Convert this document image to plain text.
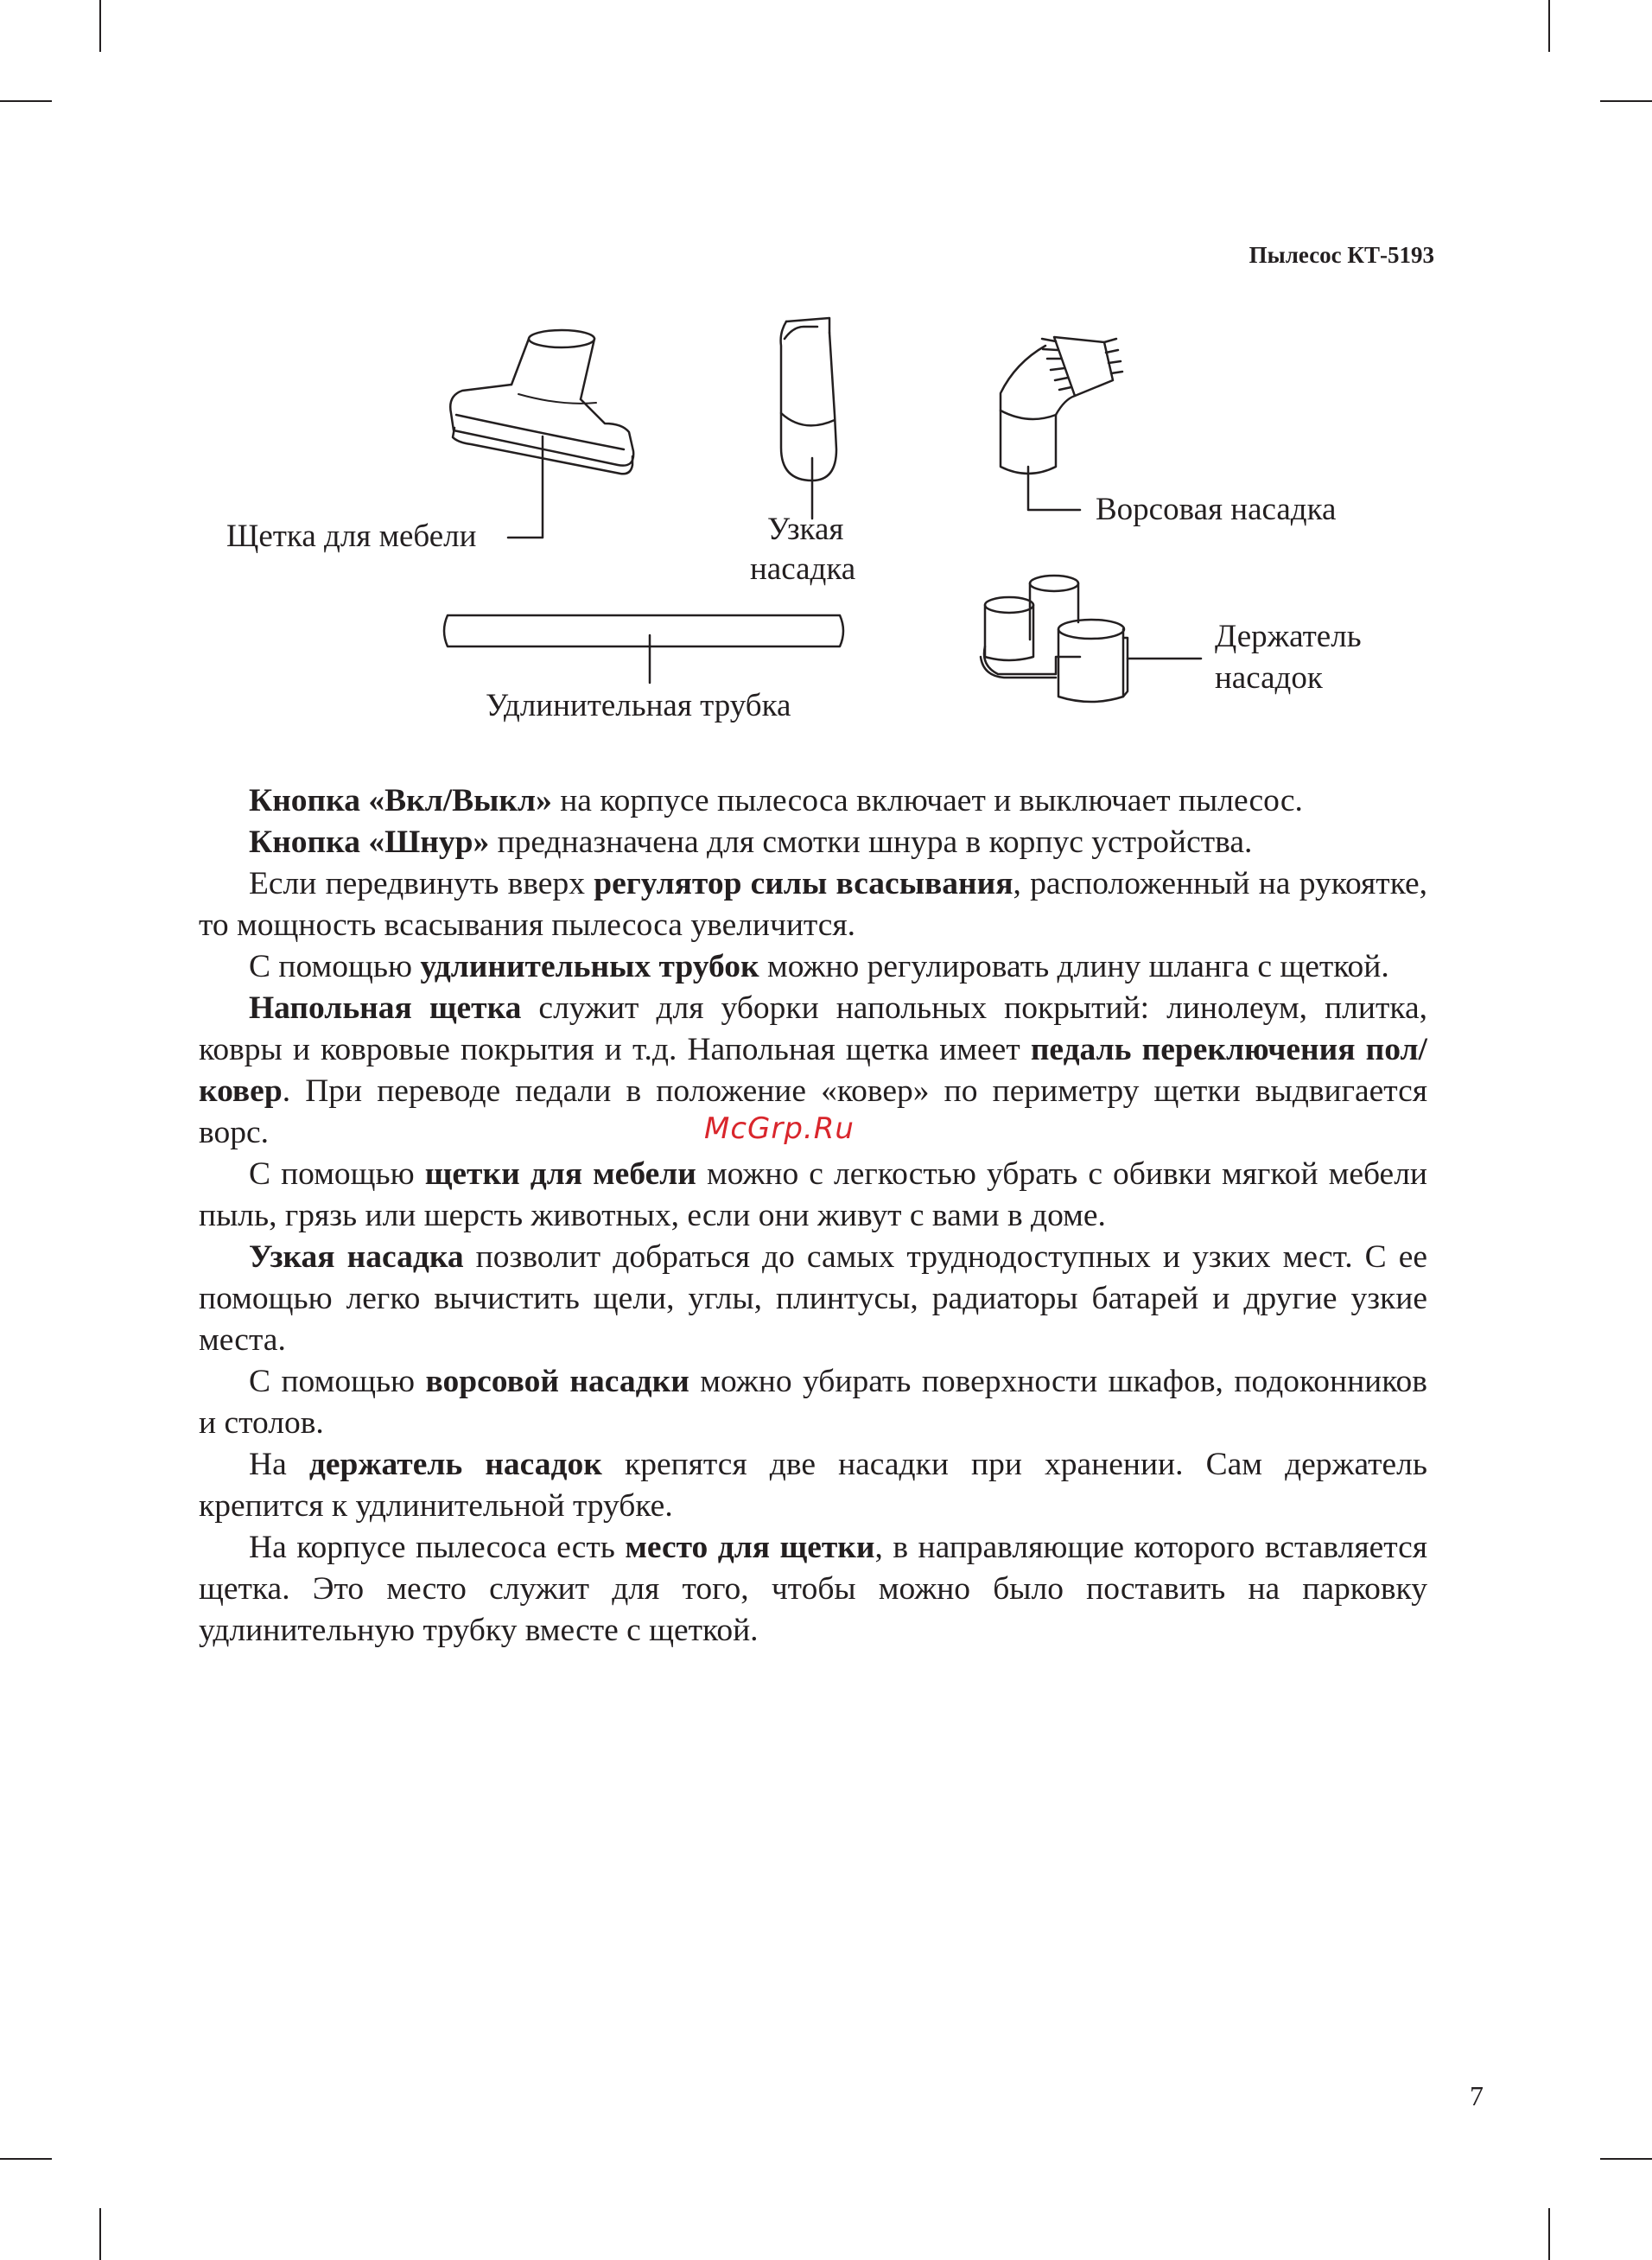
Пылесос КТ-5193
Щетка для мебели	Узкая
насадка
Ворсовая насадка
Держатель
насадок
Удлинительная трубка

Кнопка «Вкл/Выкл» на корпусе пылесоса включает и выключает пылесос.

Кнопка «Шнур» предназначена для смотки шнура в корпус устройства.

Если передвинуть вверх регулятор силы всасывания, расположенный на рукоятке, то мощность всасывания пылесоса увеличится.

С помощью удлинительных трубок можно регулировать длину шланга с щеткой.

Напольная щетка служит для уборки напольных покрытий: линолеум, плитка, ковры и ковровые покрытия и т.д. Напольная щетка имеет педаль переключения пол/ковер. При переводе педали в положение «ковер» по периметру щетки выдвигается ворс.

С помощью щетки для мебели можно с легкостью убрать с обивки мягкой мебели пыль, грязь или шерсть животных, если они живут с вами в доме.

Узкая насадка позволит добраться до самых труднодоступных и узких мест. С ее помощью легко вычистить щели, углы, плинтусы, радиаторы батарей и другие узкие места.

С помощью ворсовой насадки можно убирать поверхности шкафов, подоконников и столов.

На держатель насадок крепятся две насадки при хранении. Сам держатель крепится к удлинительной трубке.

На корпусе пылесоса есть место для щетки, в направляющие которого вставляется щетка. Это место служит для того, чтобы можно было поставить на парковку удлинительную трубку вместе с щеткой.

McGrp.Ru
7
